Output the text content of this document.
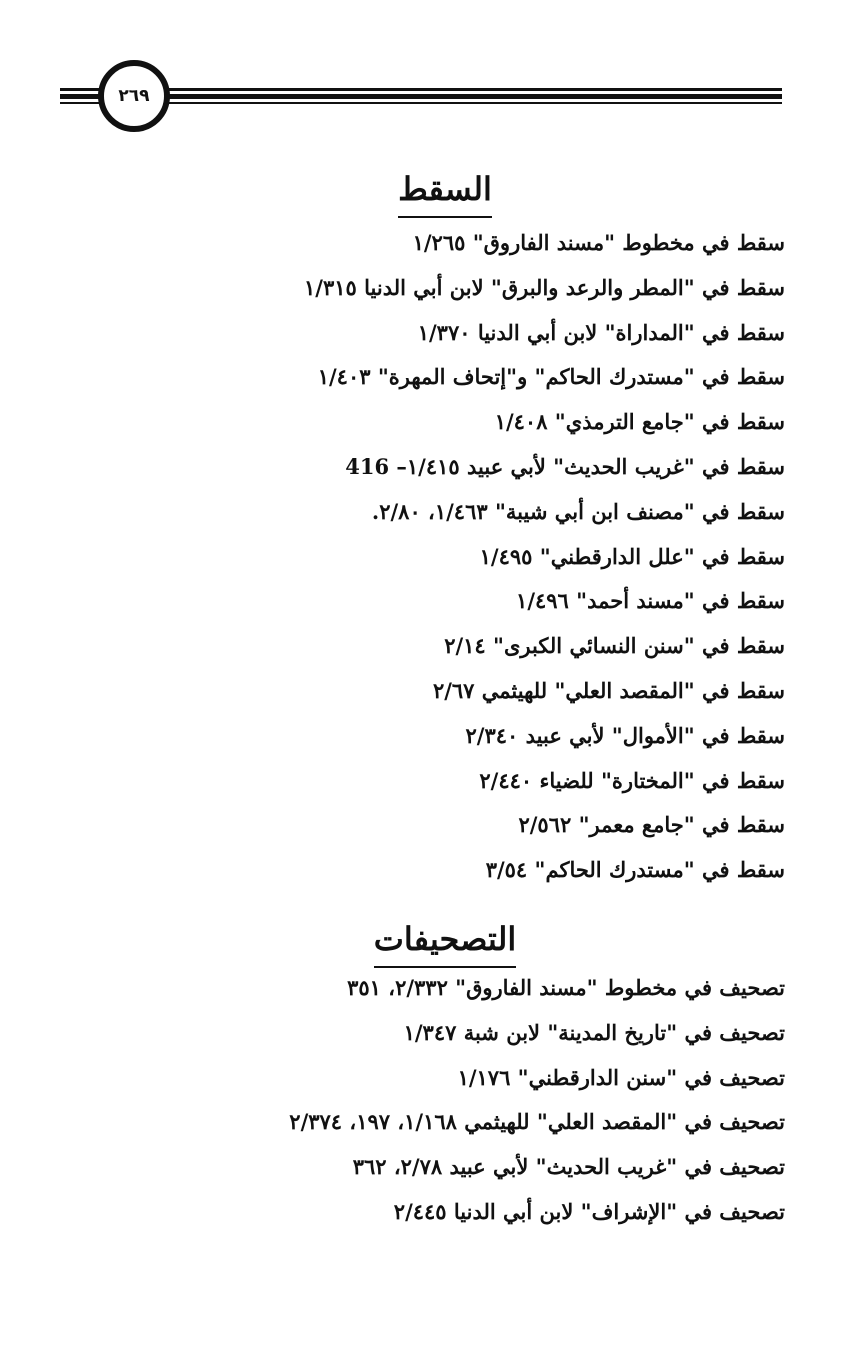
٢٦٩
السقط
سقط في مخطوط "مسند الفاروق" ١/٢٦٥
سقط في "المطر والرعد والبرق" لابن أبي الدنيا ١/٣١٥
سقط في "المداراة" لابن أبي الدنيا ١/٣٧٠
سقط في "مستدرك الحاكم" و"إتحاف المهرة" ١/٤٠٣
سقط في "جامع الترمذي" ١/٤٠٨
سقط في "غريب الحديث" لأبي عبيد ١/٤١٥– 416
سقط في "مصنف ابن أبي شيبة" ١/٤٦٣، ٢/٨٠.
سقط في "علل الدارقطني" ١/٤٩٥
سقط في "مسند أحمد" ١/٤٩٦
سقط في "سنن النسائي الكبرى" ٢/١٤
سقط في "المقصد العلي" للهيثمي ٢/٦٧
سقط في "الأموال" لأبي عبيد ٢/٣٤٠
سقط في "المختارة" للضياء ٢/٤٤٠
سقط في "جامع معمر" ٢/٥٦٢
سقط في "مستدرك الحاكم" ٣/٥٤
التصحيفات
تصحيف في مخطوط "مسند الفاروق" ٢/٣٣٢، ٣٥١
تصحيف في "تاريخ المدينة" لابن شبة ١/٣٤٧
تصحيف في "سنن الدارقطني" ١/١٧٦
تصحيف في "المقصد العلي" للهيثمي ١/١٦٨، ١٩٧، ٢/٣٧٤
تصحيف في "غريب الحديث" لأبي عبيد ٢/٧٨، ٣٦٢
تصحيف في "الإشراف" لابن أبي الدنيا ٢/٤٤٥
